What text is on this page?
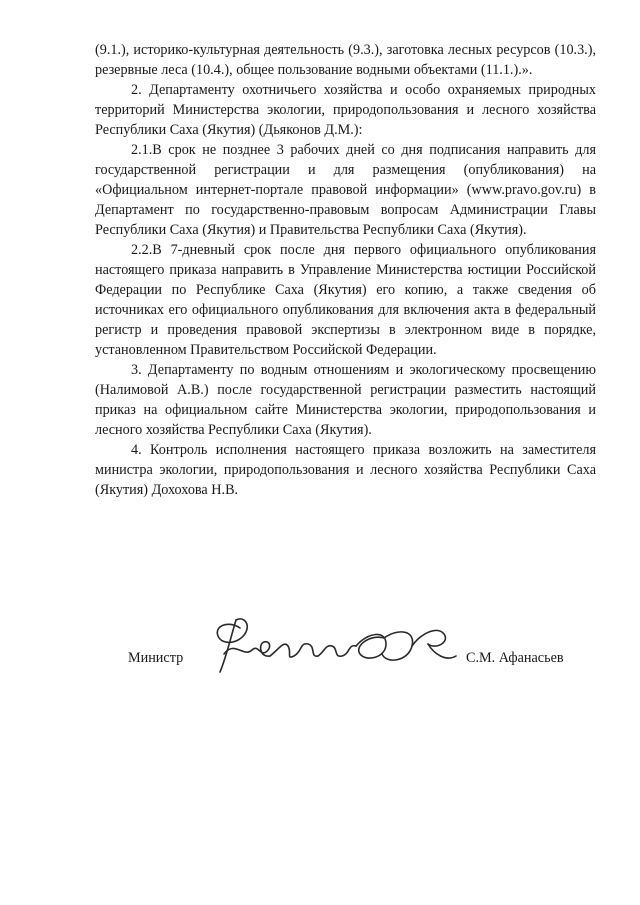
(9.1.), историко-культурная деятельность (9.3.), заготовка лесных ресурсов (10.3.), резервные леса (10.4.), общее пользование водными объектами (11.1.).».

2. Департаменту охотничьего хозяйства и особо охраняемых природных территорий Министерства экологии, природопользования и лесного хозяйства Республики Саха (Якутия) (Дьяконов Д.М.):

2.1.В срок не позднее 3 рабочих дней со дня подписания направить для государственной регистрации и для размещения (опубликования) на «Официальном интернет-портале правовой информации» (www.pravo.gov.ru) в Департамент по государственно-правовым вопросам Администрации Главы Республики Саха (Якутия) и Правительства Республики Саха (Якутия).

2.2.В 7-дневный срок после дня первого официального опубликования настоящего приказа направить в Управление Министерства юстиции Российской Федерации по Республике Саха (Якутия) его копию, а также сведения об источниках его официального опубликования для включения акта в федеральный регистр и проведения правовой экспертизы в электронном виде в порядке, установленном Правительством Российской Федерации.

3. Департаменту по водным отношениям и экологическому просвещению (Налимовой А.В.) после государственной регистрации разместить настоящий приказ на официальном сайте Министерства экологии, природопользования и лесного хозяйства Республики Саха (Якутия).

4. Контроль исполнения настоящего приказа возложить на заместителя министра экологии, природопользования и лесного хозяйства Республики Саха (Якутия) Дохохова Н.В.

Министр	С.М. Афанасьев
